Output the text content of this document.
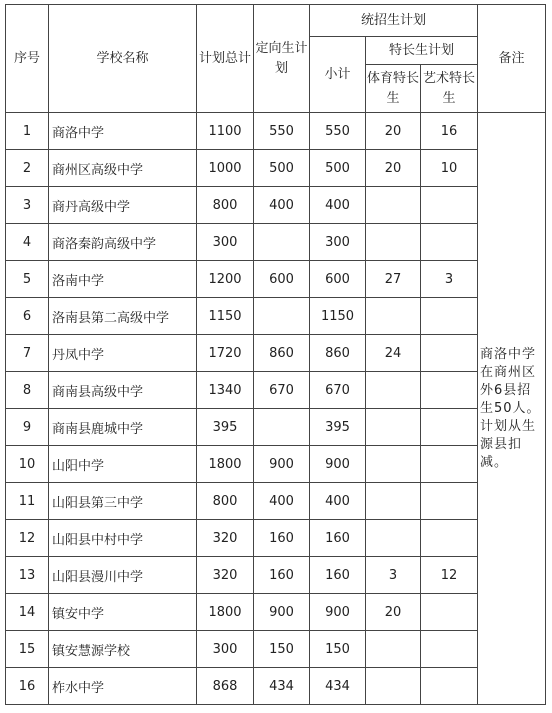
序号	学校名称	计划总计	定向生计划	统招生计划			备注
				小计	特长生计划		
					体育特长生	艺术特长生	
1	商洛中学	1100	550	550	20	16	商洛中学在商州区外6县招生50人。计划从生源县扣减。
2	商州区高级中学	1000	500	500	20	10	
3	商丹高级中学	800	400	400			
4	商洛秦韵高级中学	300		300			
5	洛南中学	1200	600	600	27	3	
6	洛南县第二高级中学	1150		1150			
7	丹凤中学	1720	860	860	24		
8	商南县高级中学	1340	670	670			
9	商南县鹿城中学	395		395			
10	山阳中学	1800	900	900			
11	山阳县第三中学	800	400	400			
12	山阳县中村中学	320	160	160			
13	山阳县漫川中学	320	160	160	3	12	
14	镇安中学	1800	900	900	20		
15	镇安慧源学校	300	150	150			
16	柞水中学	868	434	434			
